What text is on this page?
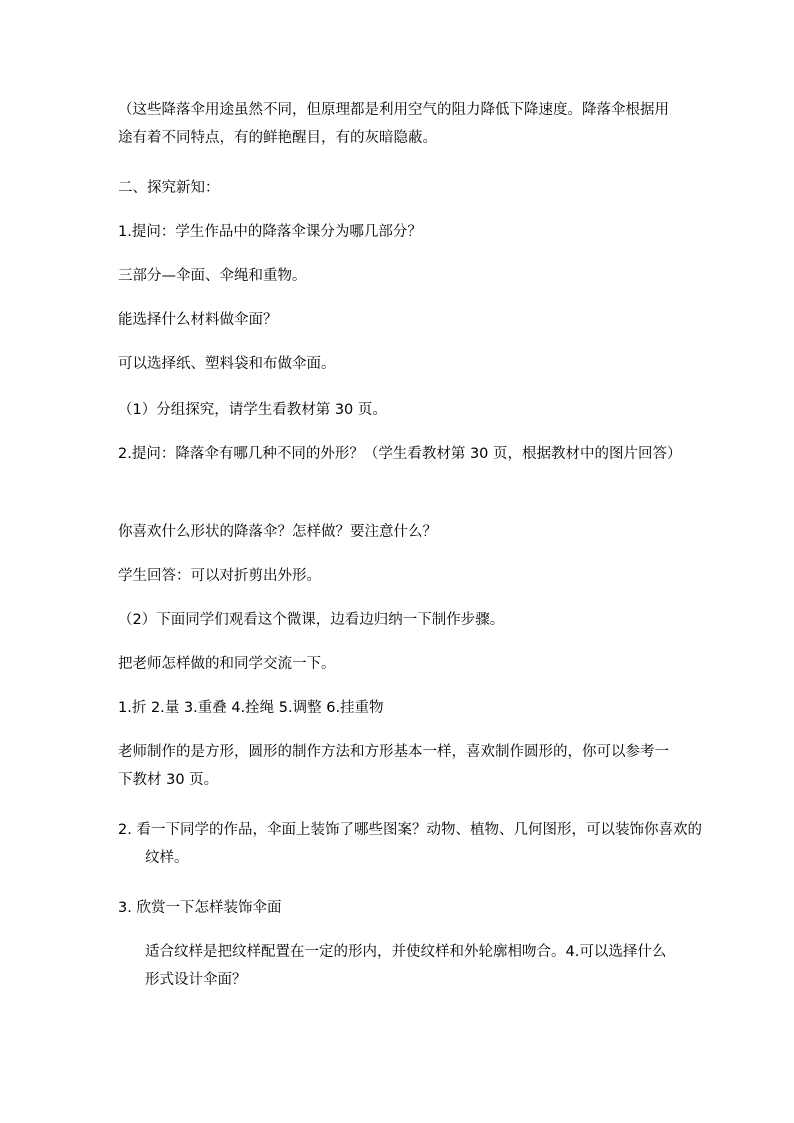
（这些降落伞用途虽然不同，但原理都是利用空气的阻力降低下降速度。降落伞根据用途有着不同特点，有的鲜艳醒目，有的灰暗隐蔽。

二、探究新知：

1.提问：学生作品中的降落伞课分为哪几部分？

三部分—伞面、伞绳和重物。

能选择什么材料做伞面？

可以选择纸、塑料袋和布做伞面。

（1）分组探究，请学生看教材第 30 页。

2.提问：降落伞有哪几种不同的外形？（学生看教材第 30 页，根据教材中的图片回答）

你喜欢什么形状的降落伞？怎样做？要注意什么？

学生回答：可以对折剪出外形。

（2）下面同学们观看这个微课，边看边归纳一下制作步骤。

把老师怎样做的和同学交流一下。

1.折 2.量 3.重叠 4.拴绳 5.调整 6.挂重物

老师制作的是方形，圆形的制作方法和方形基本一样，喜欢制作圆形的，你可以参考一下教材 30 页。

2. 看一下同学的作品，伞面上装饰了哪些图案？动物、植物、几何图形，可以装饰你喜欢的纹样。

3. 欣赏一下怎样装饰伞面

适合纹样是把纹样配置在一定的形内，并使纹样和外轮廓相吻合。4.可以选择什么形式设计伞面？
